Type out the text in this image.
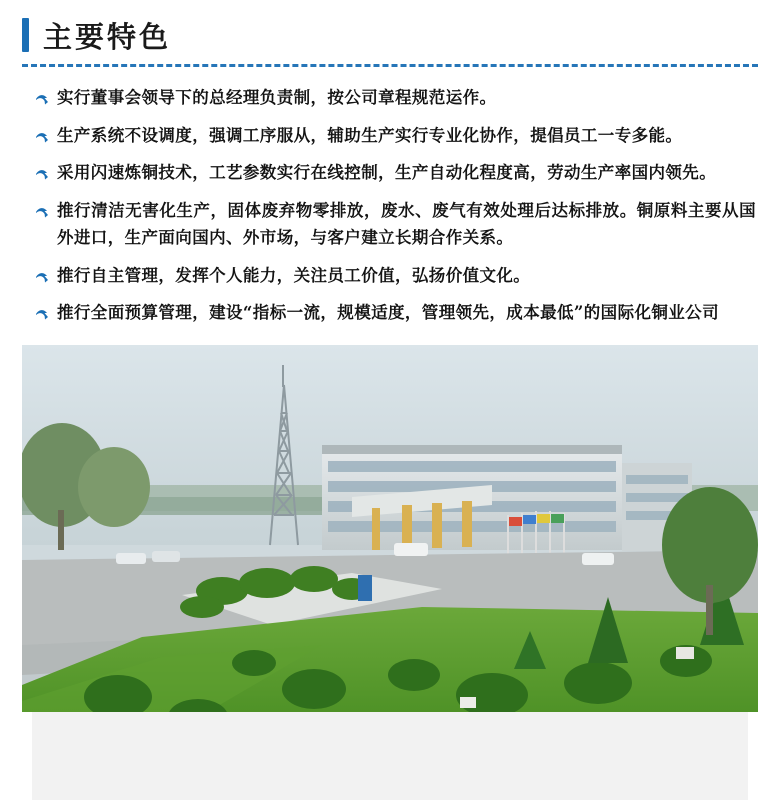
主要特色
实行董事会领导下的总经理负责制，按公司章程规范运作。
生产系统不设调度，强调工序服从，辅助生产实行专业化协作，提倡员工一专多能。
采用闪速炼铜技术，工艺参数实行在线控制，生产自动化程度高，劳动生产率国内领先。
推行清洁无害化生产，固体废弃物零排放，废水、废气有效处理后达标排放。铜原料主要从国外进口，生产面向国内、外市场，与客户建立长期合作关系。
推行自主管理，发挥个人能力，关注员工价值，弘扬价值文化。
推行全面预算管理，建设“指标一流，规模适度，管理领先，成本最低”的国际化铜业公司
